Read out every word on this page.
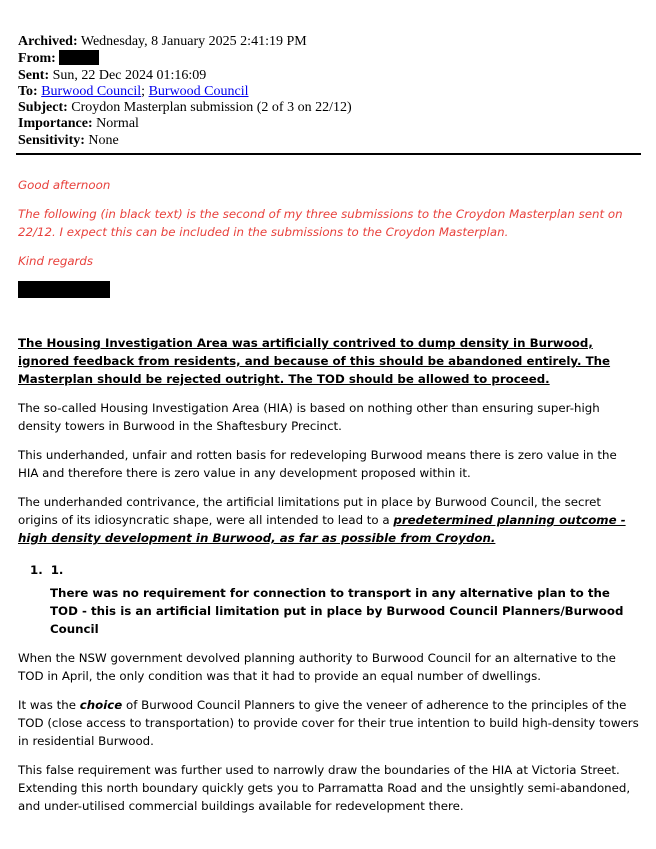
Archived: Wednesday, 8 January 2025 2:41:19 PM
From:
Sent: Sun, 22 Dec 2024 01:16:09
To: Burwood Council; Burwood Council
Subject: Croydon Masterplan submission (2 of 3 on 22/12)
Importance: Normal
Sensitivity: None

Good afternoon

The following (in black text) is the second of my three submissions to the Croydon Masterplan sent on 22/12. I expect this can be included in the submissions to the Croydon Masterplan.

Kind regards

The Housing Investigation Area was artificially contrived to dump density in Burwood, ignored feedback from residents, and because of this should be abandoned entirely. The Masterplan should be rejected outright. The TOD should be allowed to proceed.

The so-called Housing Investigation Area (HIA) is based on nothing other than ensuring super-high density towers in Burwood in the Shaftesbury Precinct.

This underhanded, unfair and rotten basis for redeveloping Burwood means there is zero value in the HIA and therefore there is zero value in any development proposed within it.

The underhanded contrivance, the artificial limitations put in place by Burwood Council, the secret origins of its idiosyncratic shape, were all intended to lead to a predetermined planning outcome - high density development in Burwood, as far as possible from Croydon.

1. 1.

There was no requirement for connection to transport in any alternative plan to the TOD - this is an artificial limitation put in place by Burwood Council Planners/Burwood Council

When the NSW government devolved planning authority to Burwood Council for an alternative to the TOD in April, the only condition was that it had to provide an equal number of dwellings.

It was the choice of Burwood Council Planners to give the veneer of adherence to the principles of the TOD (close access to transportation) to provide cover for their true intention to build high-density towers in residential Burwood.

This false requirement was further used to narrowly draw the boundaries of the HIA at Victoria Street. Extending this north boundary quickly gets you to Parramatta Road and the unsightly semi-abandoned, and under-utilised commercial buildings available for redevelopment there.
